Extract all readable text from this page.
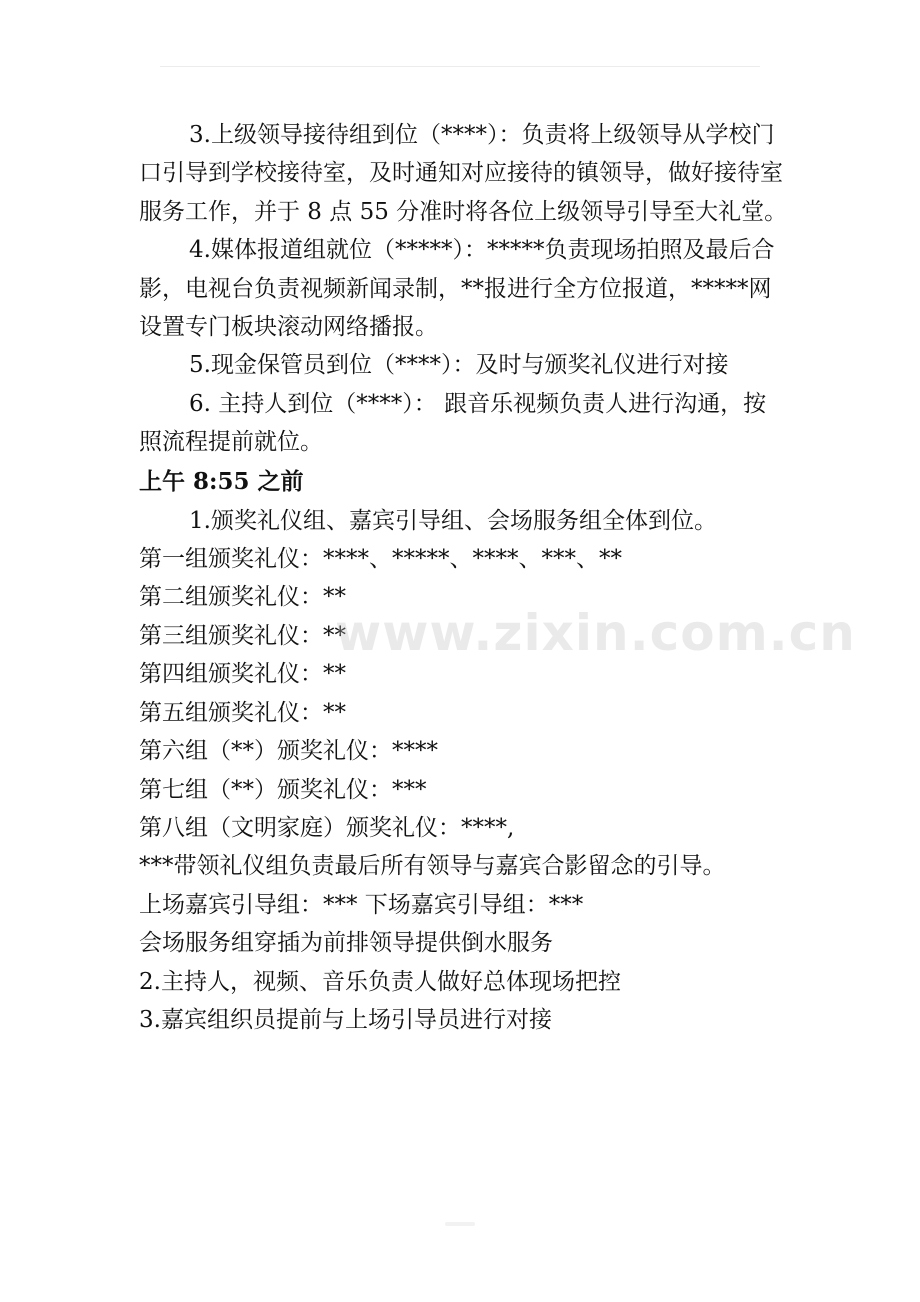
3.上级领导接待组到位（****）：负责将上级领导从学校门口引导到学校接待室，及时通知对应接待的镇领导，做好接待室服务工作，并于 8 点 55 分准时将各位上级领导引导至大礼堂。

4.媒体报道组就位（*****）：*****负责现场拍照及最后合影，电视台负责视频新闻录制，**报进行全方位报道，*****网设置专门板块滚动网络播报。

5.现金保管员到位（****）：及时与颁奖礼仪进行对接

6. 主持人到位（****）： 跟音乐视频负责人进行沟通，按照流程提前就位。

上午 8:55 之前

1.颁奖礼仪组、嘉宾引导组、会场服务组全体到位。

第一组颁奖礼仪：****、*****、****、***、**

第二组颁奖礼仪：**

第三组颁奖礼仪：**

第四组颁奖礼仪：**

第五组颁奖礼仪：**

第六组（**）颁奖礼仪：****

第七组（**）颁奖礼仪：***

第八组（文明家庭）颁奖礼仪：****,

***带领礼仪组负责最后所有领导与嘉宾合影留念的引导。

上场嘉宾引导组：*** 下场嘉宾引导组：***

会场服务组穿插为前排领导提供倒水服务

2.主持人，视频、音乐负责人做好总体现场把控

3.嘉宾组织员提前与上场引导员进行对接

www.zixin.com.cn
